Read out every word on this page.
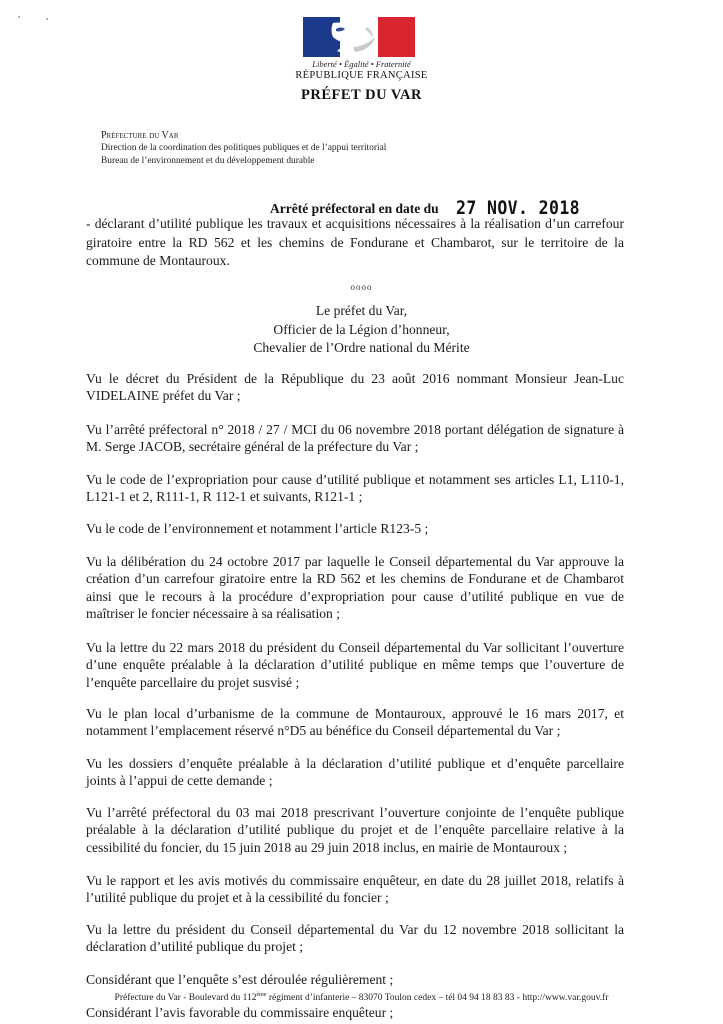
Liberté • Égalité • Fraternité
RÉPUBLIQUE FRANÇAISE
PRÉFET DU VAR
Préfecture du Var
Direction de la coordination des politiques publiques et de l’appui territorial
Bureau de l’environnement et du développement durable
Arrêté préfectoral en date du 27 NOV. 2018
- déclarant d’utilité publique les travaux et acquisitions nécessaires à la réalisation d’un carrefour giratoire entre la RD 562 et les chemins de Fondurane et Chambarot, sur le territoire de la commune de Montauroux.
oooo
Le préfet du Var,
Officier de la Légion d’honneur,
Chevalier de l’Ordre national du Mérite
Vu le décret du Président de la République du 23 août 2016 nommant Monsieur Jean-Luc VIDELAINE préfet du Var ;
Vu l’arrêté préfectoral n° 2018 / 27 / MCI du 06 novembre 2018 portant délégation de signature à M. Serge JACOB, secrétaire général de la préfecture du Var ;
Vu le code de l’expropriation pour cause d’utilité publique et notamment ses articles L1, L110-1, L121-1 et 2, R111-1, R 112-1 et suivants, R121-1 ;
Vu le code de l’environnement et notamment l’article R123-5 ;
Vu la délibération du 24 octobre 2017 par laquelle le Conseil départemental du Var approuve la création d’un carrefour giratoire entre la RD 562 et les chemins de Fondurane et de Chambarot ainsi que le recours à la procédure d’expropriation pour cause d’utilité publique en vue de maîtriser le foncier nécessaire à sa réalisation ;
Vu la lettre du 22 mars 2018 du président du Conseil départemental du Var sollicitant l’ouverture d’une enquête préalable à la déclaration d’utilité publique en même temps que l’ouverture de l’enquête parcellaire du projet susvisé ;
Vu le plan local d’urbanisme de la commune de Montauroux, approuvé le 16 mars 2017, et notamment l’emplacement réservé n°D5 au bénéfice du Conseil départemental du Var ;
Vu les dossiers d’enquête préalable à la déclaration d’utilité publique et d’enquête parcellaire joints à l’appui de cette demande ;
Vu l’arrêté préfectoral du 03 mai 2018 prescrivant l’ouverture conjointe de l’enquête publique préalable à la déclaration d’utilité publique du projet et de l’enquête parcellaire relative à la cessibilité du foncier, du 15 juin 2018 au 29 juin 2018 inclus, en mairie de Montauroux ;
Vu le rapport et les avis motivés du commissaire enquêteur, en date du 28 juillet 2018, relatifs à l’utilité publique du projet et à la cessibilité du foncier ;
Vu la lettre du président du Conseil départemental du Var du 12 novembre 2018 sollicitant la déclaration d’utilité publique du projet ;
Considérant que l’enquête s’est déroulée régulièrement ;
Considérant l’avis favorable du commissaire enquêteur ;
Préfecture du Var - Boulevard du 112ème régiment d’infanterie – 83070 Toulon cedex – tél 04 94 18 83 83 - http://www.var.gouv.fr
